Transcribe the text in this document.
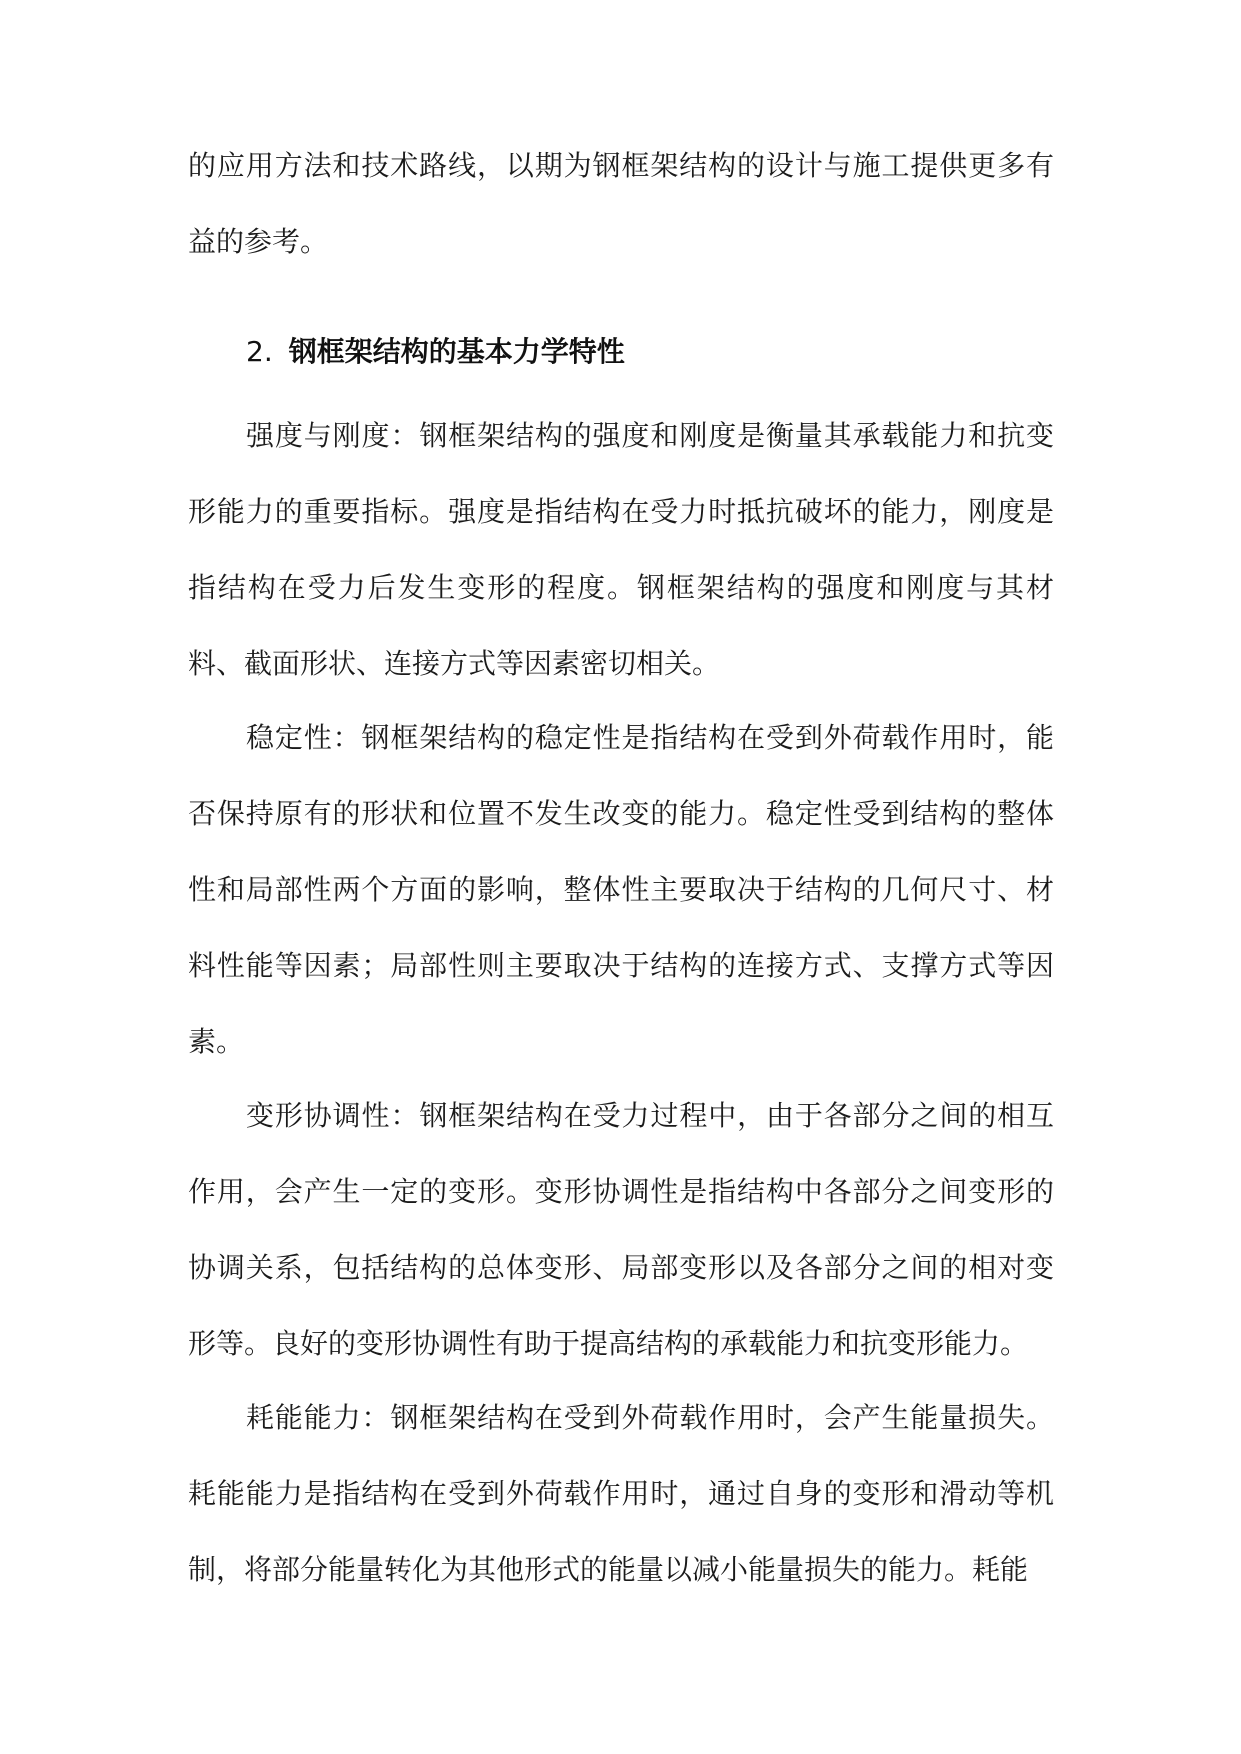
的应用方法和技术路线，以期为钢框架结构的设计与施工提供更多有益的参考。

2. 钢框架结构的基本力学特性

强度与刚度：钢框架结构的强度和刚度是衡量其承载能力和抗变形能力的重要指标。强度是指结构在受力时抵抗破坏的能力，刚度是指结构在受力后发生变形的程度。钢框架结构的强度和刚度与其材料、截面形状、连接方式等因素密切相关。

稳定性：钢框架结构的稳定性是指结构在受到外荷载作用时，能否保持原有的形状和位置不发生改变的能力。稳定性受到结构的整体性和局部性两个方面的影响，整体性主要取决于结构的几何尺寸、材料性能等因素；局部性则主要取决于结构的连接方式、支撑方式等因素。

变形协调性：钢框架结构在受力过程中，由于各部分之间的相互作用，会产生一定的变形。变形协调性是指结构中各部分之间变形的协调关系，包括结构的总体变形、局部变形以及各部分之间的相对变形等。良好的变形协调性有助于提高结构的承载能力和抗变形能力。

耗能能力：钢框架结构在受到外荷载作用时，会产生能量损失。耗能能力是指结构在受到外荷载作用时，通过自身的变形和滑动等机制，将部分能量转化为其他形式的能量以减小能量损失的能力。耗能
